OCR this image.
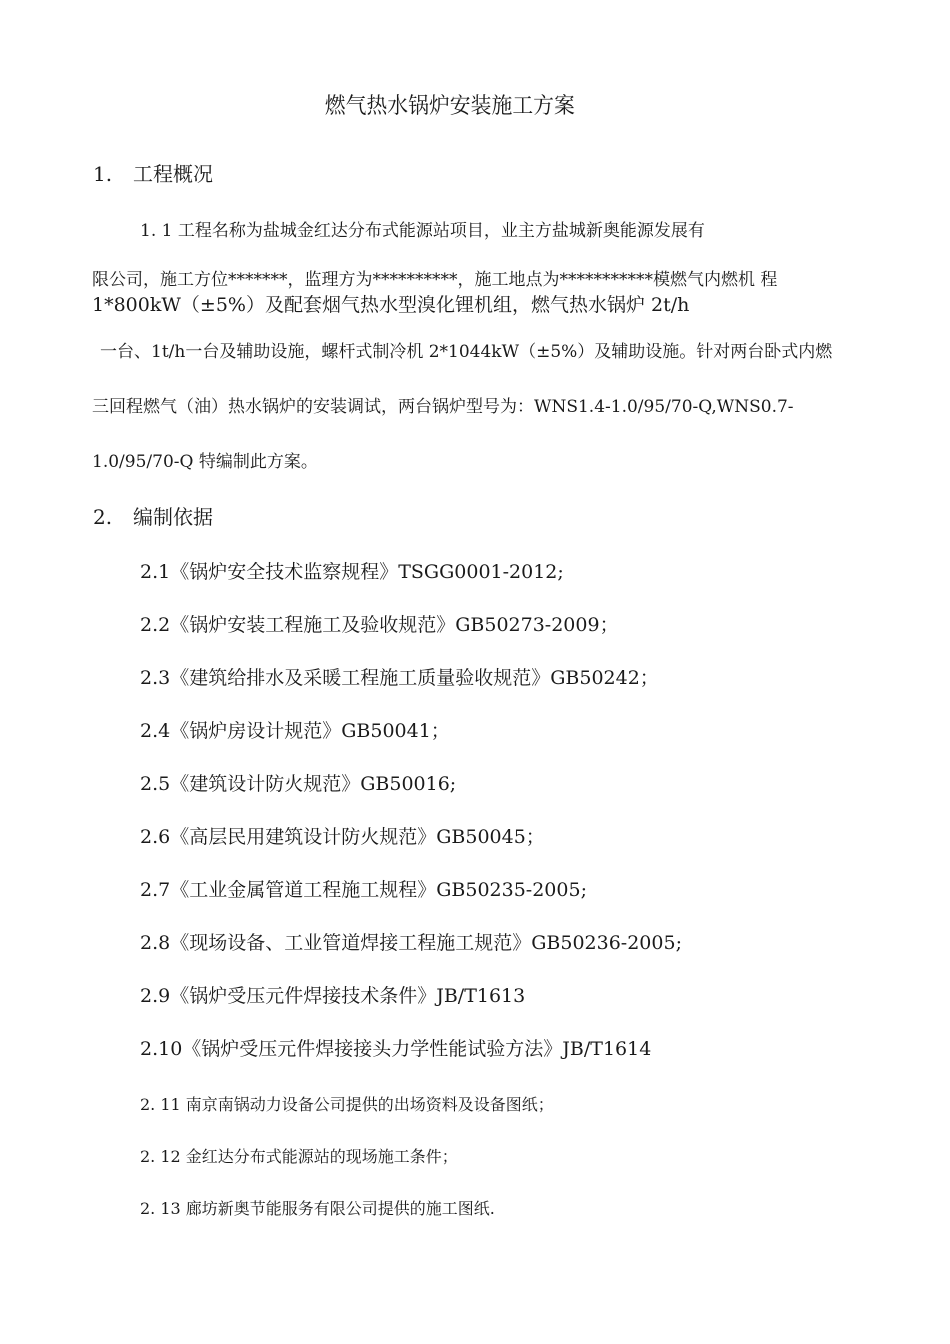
燃气热水锅炉安装施工方案
1. 工程概况
1. 1 工程名称为盐城金红达分布式能源站项目，业主方盐城新奥能源发展有
限公司，施工方位*******，监理方为**********，施工地点为***********模燃气内燃机 程
1*800kW（±5%）及配套烟气热水型溴化锂机组，燃气热水锅炉 2t/h
一台、1t/h一台及辅助设施，螺杆式制冷机 2*1044kW（±5%）及辅助设施。针对两台卧式内燃
三回程燃气（油）热水锅炉的安装调试，两台锅炉型号为：WNS1.4-1.0/95/70-Q,WNS0.7-
1.0/95/70-Q 特编制此方案。
2. 编制依据
2.1《锅炉安全技术监察规程》TSGG0001-2012;
2.2《锅炉安装工程施工及验收规范》GB50273-2009；
2.3《建筑给排水及采暖工程施工质量验收规范》GB50242；
2.4《锅炉房设计规范》GB50041；
2.5《建筑设计防火规范》GB50016;
2.6《高层民用建筑设计防火规范》GB50045；
2.7《工业金属管道工程施工规程》GB50235-2005;
2.8《现场设备、工业管道焊接工程施工规范》GB50236-2005;
2.9《锅炉受压元件焊接技术条件》JB/T1613
2.10《锅炉受压元件焊接接头力学性能试验方法》JB/T1614
2. 11 南京南锅动力设备公司提供的出场资料及设备图纸；
2. 12 金红达分布式能源站的现场施工条件；
2. 13 廊坊新奥节能服务有限公司提供的施工图纸.
